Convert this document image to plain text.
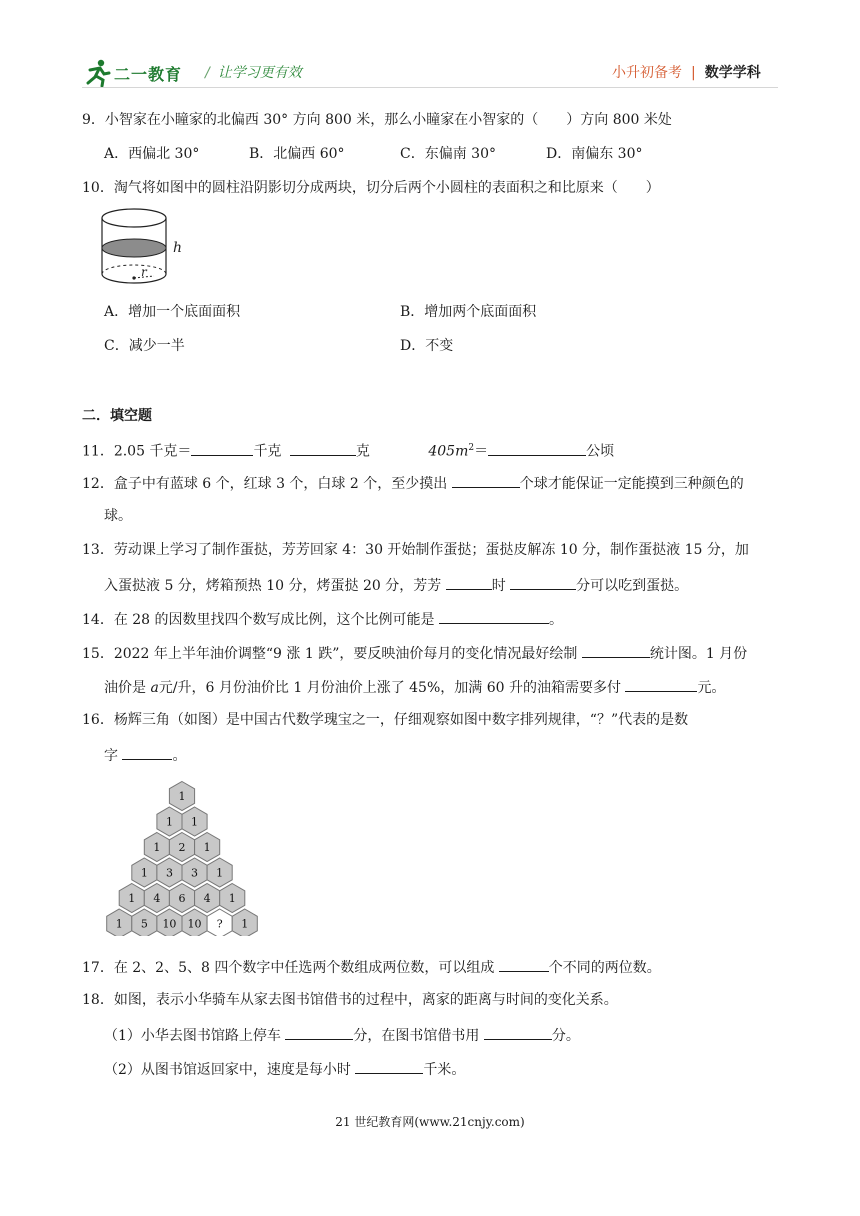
二一教育 / 让学习更有效	小升初备考 | 数学学科
9．小智家在小瞳家的北偏西 30° 方向 800 米，那么小瞳家在小智家的（　　）方向 800 米处
A．西偏北 30°	B．北偏西 60°	C．东偏南 30°	D．南偏东 30°
10．淘气将如图中的圆柱沿阴影切分成两块，切分后两个小圆柱的表面积之和比原来（　　）
h
r
A．增加一个底面面积	B．增加两个底面面积
C．减少一半	D．不变
二．填空题
11．2.05 千克＝	千克	克	$405m^2=$	公顷
12．盒子中有蓝球 6 个，红球 3 个，白球 2 个，至少摸出	个球才能保证一定能摸到三种颜色的
球。
13．劳动课上学习了制作蛋挞，芳芳回家 4：30 开始制作蛋挞；蛋挞皮解冻 10 分，制作蛋挞液 15 分，加
入蛋挞液 5 分，烤箱预热 10 分，烤蛋挞 20 分，芳芳	时	分可以吃到蛋挞。
14．在 28 的因数里找四个数写成比例，这个比例可能是	。
15．2022 年上半年油价调整“9 涨 1 跌”，要反映油价每月的变化情况最好绘制	统计图。1 月份
油价是 a元/升，6 月份油价比 1 月份油价上涨了 45%，加满 60 升的油箱需要多付	元。
16．杨辉三角（如图）是中国古代数学瑰宝之一，仔细观察如图中数字排列规律，“？”代表的是数
字	。
1
1 1
1 2 1
1 3 3 1
1 4 6 4 1
1 5 10 10 ? 1
17．在 2、2、5、8 四个数字中任选两个数组成两位数，可以组成	个不同的两位数。
18．如图，表示小华骑车从家去图书馆借书的过程中，离家的距离与时间的变化关系。
（1）小华去图书馆路上停车	分，在图书馆借书用	分。
（2）从图书馆返回家中，速度是每小时	千米。
21 世纪教育网(www.21cnjy.com)
